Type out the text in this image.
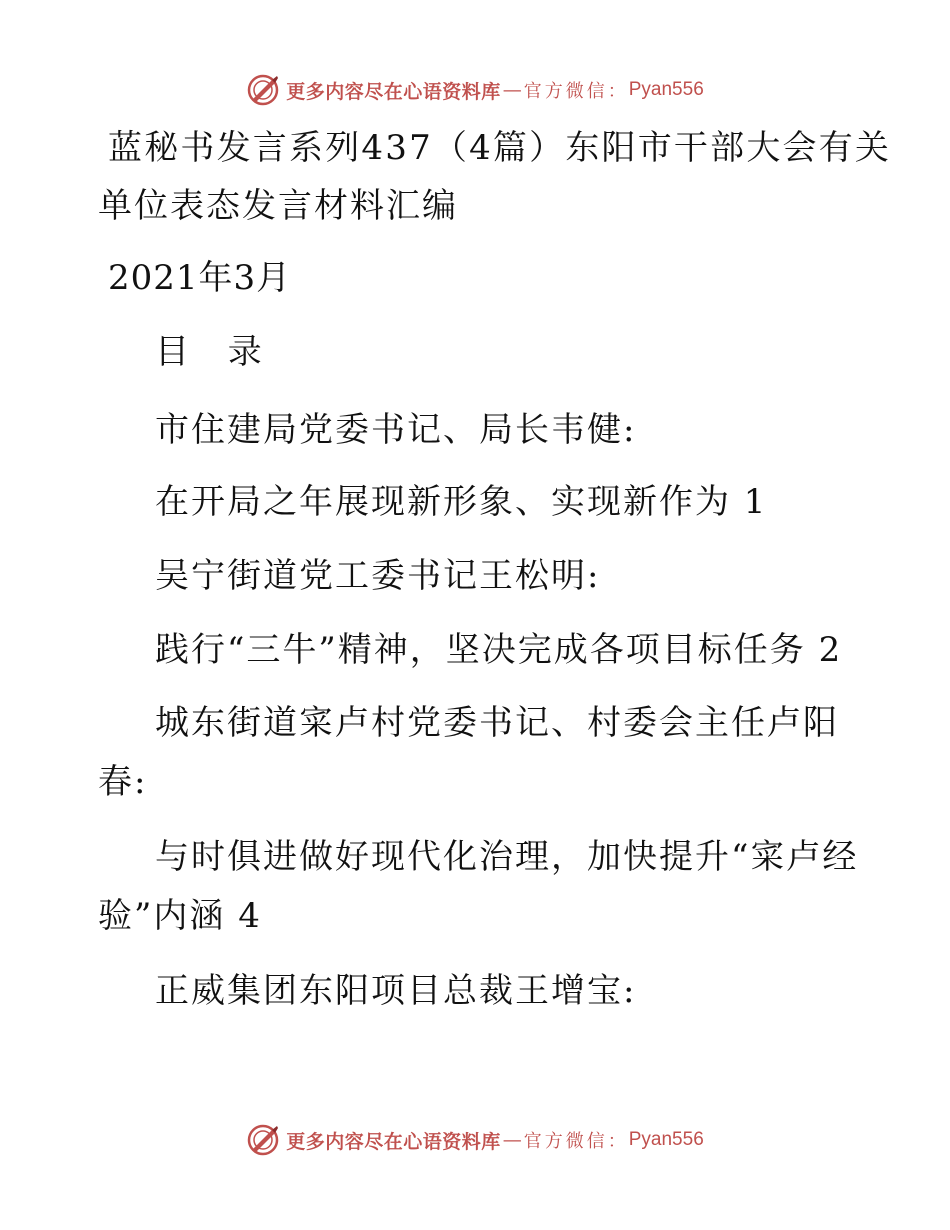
更多内容尽在心语资料库 — 官方微信： Pyan556
蓝秘书发言系列437（4篇）东阳市干部大会有关
单位表态发言材料汇编
2021年3月
目 录
市住建局党委书记、局长韦健:
在开局之年展现新形象、实现新作为 1
吴宁街道党工委书记王松明:
践行“三牛”精神，坚决完成各项目标任务 2
城东街道寀卢村党委书记、村委会主任卢阳
春:
与时俱进做好现代化治理，加快提升“寀卢经
验”内涵 4
正威集团东阳项目总裁王增宝:
更多内容尽在心语资料库 — 官方微信： Pyan556
